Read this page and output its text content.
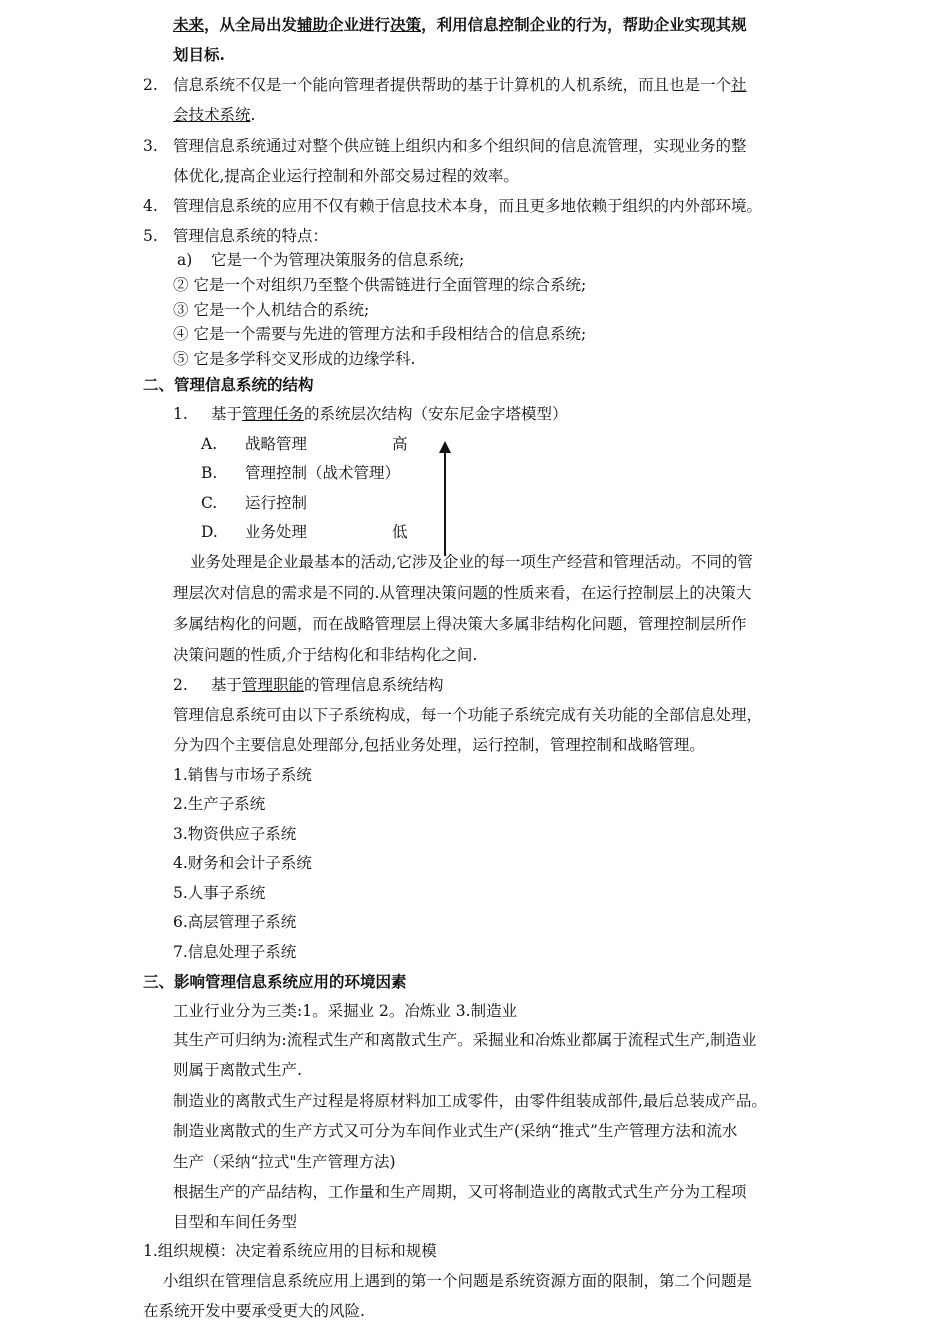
未来，从全局出发辅助企业进行决策，利用信息控制企业的行为，帮助企业实现其规
划目标.
2. 信息系统不仅是一个能向管理者提供帮助的基于计算机的人机系统，而且也是一个社
会技术系统.
3. 管理信息系统通过对整个供应链上组织内和多个组织间的信息流管理，实现业务的整
体优化,提高企业运行控制和外部交易过程的效率。
4. 管理信息系统的应用不仅有赖于信息技术本身，而且更多地依赖于组织的内外部环境。
5. 管理信息系统的特点：
a) 它是一个为管理决策服务的信息系统;
② 它是一个对组织乃至整个供需链进行全面管理的综合系统;
③ 它是一个人机结合的系统;
④ 它是一个需要与先进的管理方法和手段相结合的信息系统;
⑤ 它是多学科交叉形成的边缘学科.
二、管理信息系统的结构
1. 基于管理任务的系统层次结构（安东尼金字塔模型）
A. 战略管理	高
B. 管理控制（战术管理）
C. 运行控制
D. 业务处理	低
业务处理是企业最基本的活动,它涉及企业的每一项生产经营和管理活动。不同的管
理层次对信息的需求是不同的.从管理决策问题的性质来看，在运行控制层上的决策大
多属结构化的问题，而在战略管理层上得决策大多属非结构化问题，管理控制层所作
决策问题的性质,介于结构化和非结构化之间.
2. 基于管理职能的管理信息系统结构
管理信息系统可由以下子系统构成，每一个功能子系统完成有关功能的全部信息处理，
分为四个主要信息处理部分,包括业务处理，运行控制，管理控制和战略管理。
1.销售与市场子系统
2.生产子系统
3.物资供应子系统
4.财务和会计子系统
5.人事子系统
6.高层管理子系统
7.信息处理子系统
三、影响管理信息系统应用的环境因素
工业行业分为三类:1。采掘业 2。冶炼业 3.制造业
其生产可归纳为:流程式生产和离散式生产。采掘业和冶炼业都属于流程式生产,制造业
则属于离散式生产.
制造业的离散式生产过程是将原材料加工成零件，由零件组装成部件,最后总装成产品。
制造业离散式的生产方式又可分为车间作业式生产(采纳“推式”生产管理方法和流水
生产（采纳“拉式"生产管理方法)
根据生产的产品结构，工作量和生产周期，又可将制造业的离散式式生产分为工程项
目型和车间任务型
1.组织规模：决定着系统应用的目标和规模
小组织在管理信息系统应用上遇到的第一个问题是系统资源方面的限制，第二个问题是
在系统开发中要承受更大的风险.
